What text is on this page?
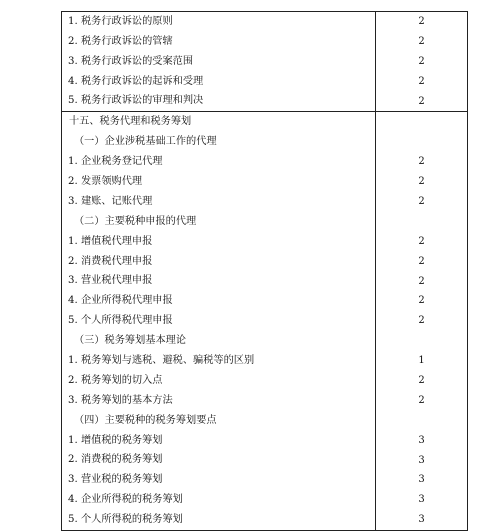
1. 税务行政诉讼的原则	2
2. 税务行政诉讼的管辖	2
3. 税务行政诉讼的受案范围	2
4. 税务行政诉讼的起诉和受理	2
5. 税务行政诉讼的审理和判决	2
十五、税务代理和税务筹划
（一）企业涉税基础工作的代理
1. 企业税务登记代理	2
2. 发票领购代理	2
3. 建账、记账代理	2
（二）主要税种申报的代理
1. 增值税代理申报	2
2. 消费税代理申报	2
3. 营业税代理申报	2
4. 企业所得税代理申报	2
5. 个人所得税代理申报	2
（三）税务筹划基本理论
1. 税务筹划与逃税、避税、骗税等的区别	1
2. 税务筹划的切入点	2
3. 税务筹划的基本方法	2
（四）主要税种的税务筹划要点
1. 增值税的税务筹划	3
2. 消费税的税务筹划	3
3. 营业税的税务筹划	3
4. 企业所得税的税务筹划	3
5. 个人所得税的税务筹划	3
